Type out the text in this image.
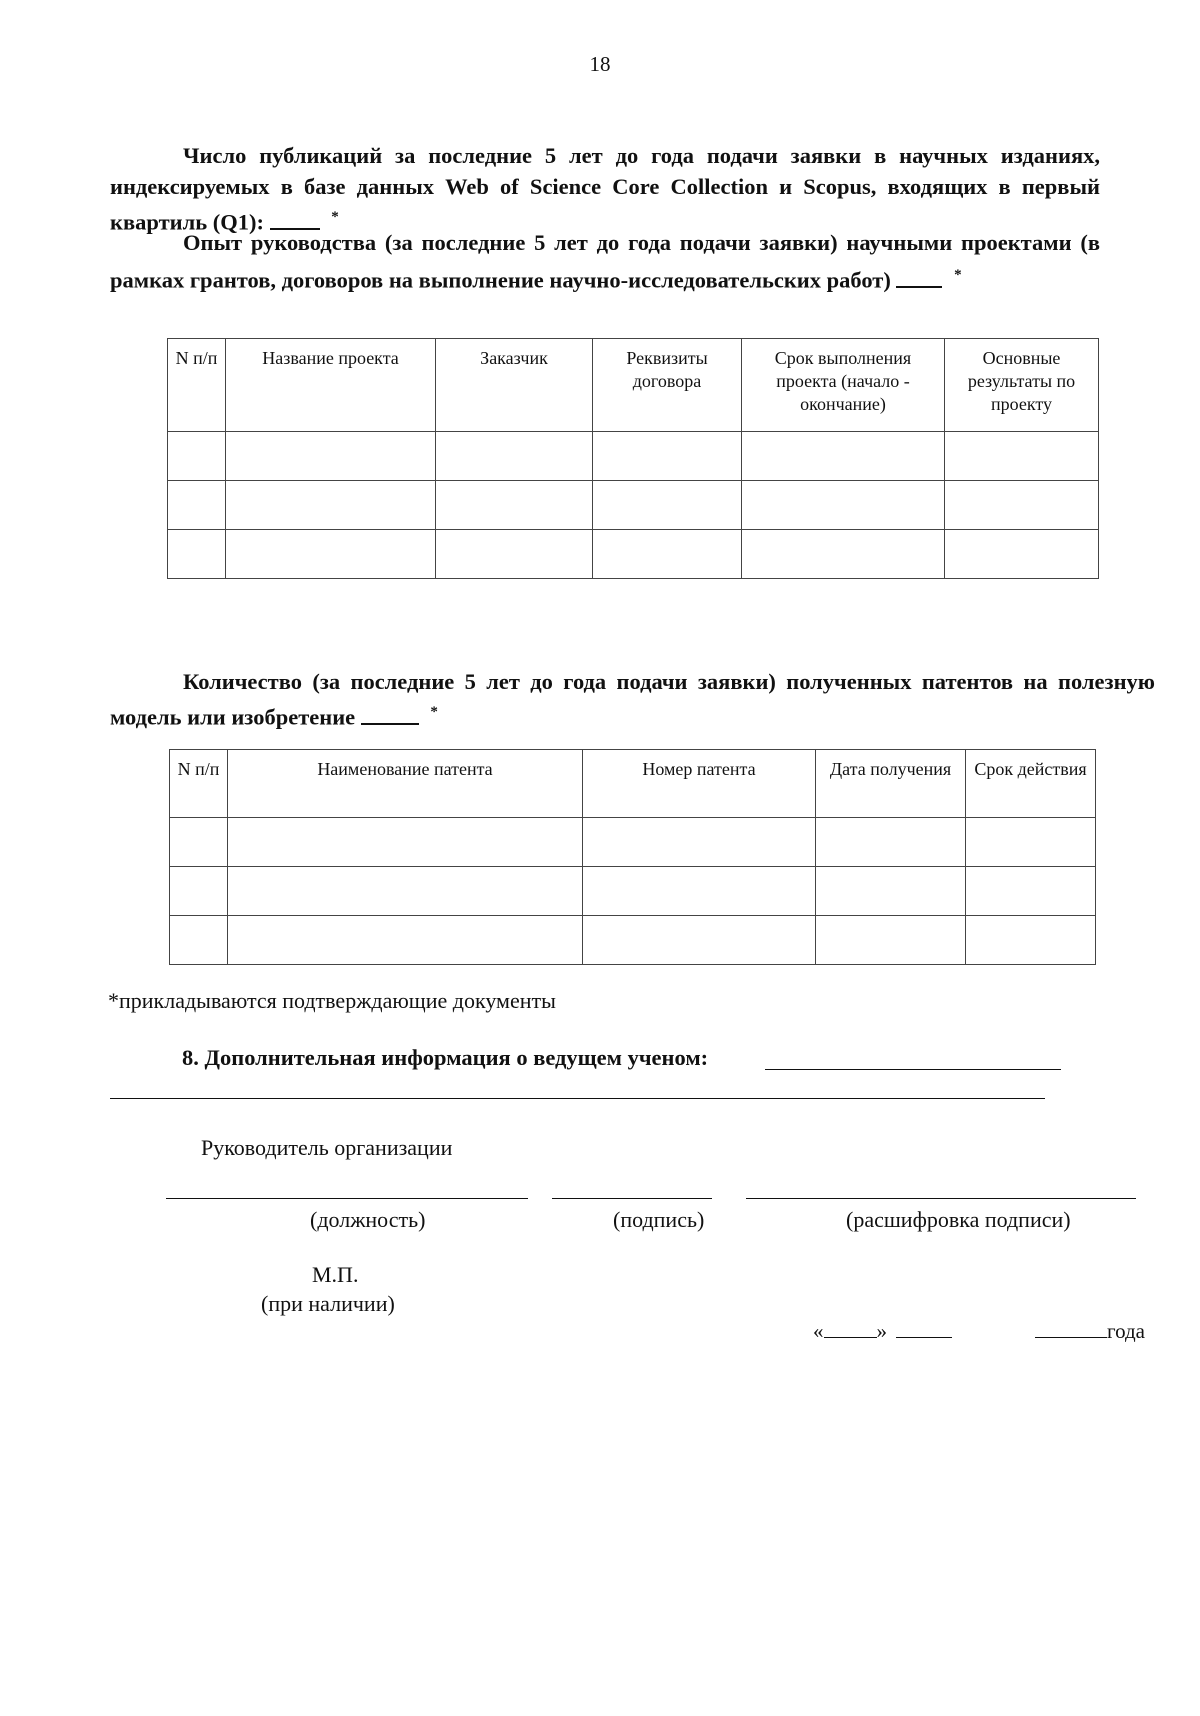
18
Число публикаций за последние 5 лет до года подачи заявки в научных изданиях, индексируемых в базе данных Web of Science Core Collection и Scopus, входящих в первый квартиль (Q1):	*
Опыт руководства (за последние 5 лет до года подачи заявки) научными проектами (в рамках грантов, договоров на выполнение научно-исследовательских работ)	*
N п/п	Название проекта	Заказчик	Реквизиты договора	Срок выполнения проекта (начало - окончание)	Основные результаты по проекту

Количество (за последние 5 лет до года подачи заявки) полученных патентов на полезную модель или изобретение	*
N п/п	Наименование патента	Номер патента	Дата получения	Срок действия

*прикладываются подтверждающие документы
8. Дополнительная информация о ведущем ученом:
Руководитель организации
(должность)	(подпись)	(расшифровка подписи)
М.П.
(при наличии)
«	»	года
